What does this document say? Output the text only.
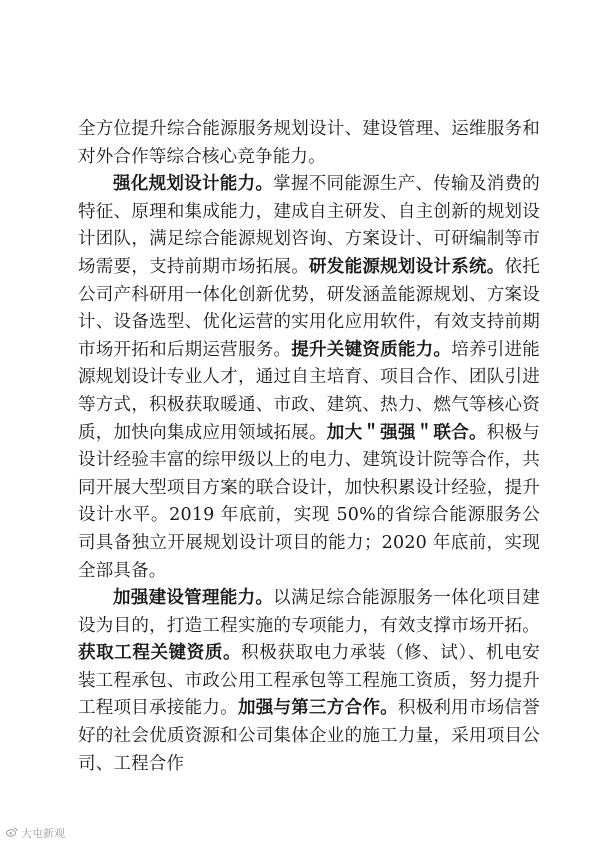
全方位提升综合能源服务规划设计、建设管理、运维服务和对外合作等综合核心竞争能力。

强化规划设计能力。掌握不同能源生产、传输及消费的特征、原理和集成能力，建成自主研发、自主创新的规划设计团队，满足综合能源规划咨询、方案设计、可研编制等市场需要，支持前期市场拓展。研发能源规划设计系统。依托公司产科研用一体化创新优势，研发涵盖能源规划、方案设计、设备选型、优化运营的实用化应用软件，有效支持前期市场开拓和后期运营服务。提升关键资质能力。培养引进能源规划设计专业人才，通过自主培育、项目合作、团队引进等方式，积极获取暖通、市政、建筑、热力、燃气等核心资质，加快向集成应用领域拓展。加大＂强强＂联合。积极与设计经验丰富的综甲级以上的电力、建筑设计院等合作，共同开展大型项目方案的联合设计，加快积累设计经验，提升设计水平。2019 年底前，实现 50%的省综合能源服务公司具备独立开展规划设计项目的能力；2020 年底前，实现全部具备。

加强建设管理能力。以满足综合能源服务一体化项目建设为目的，打造工程实施的专项能力，有效支撑市场开拓。获取工程关键资质。积极获取电力承装（修、试）、机电安装工程承包、市政公用工程承包等工程施工资质，努力提升工程项目承接能力。加强与第三方合作。积极利用市场信誉好的社会优质资源和公司集体企业的施工力量，采用项目公司、工程合作

大屯新观
